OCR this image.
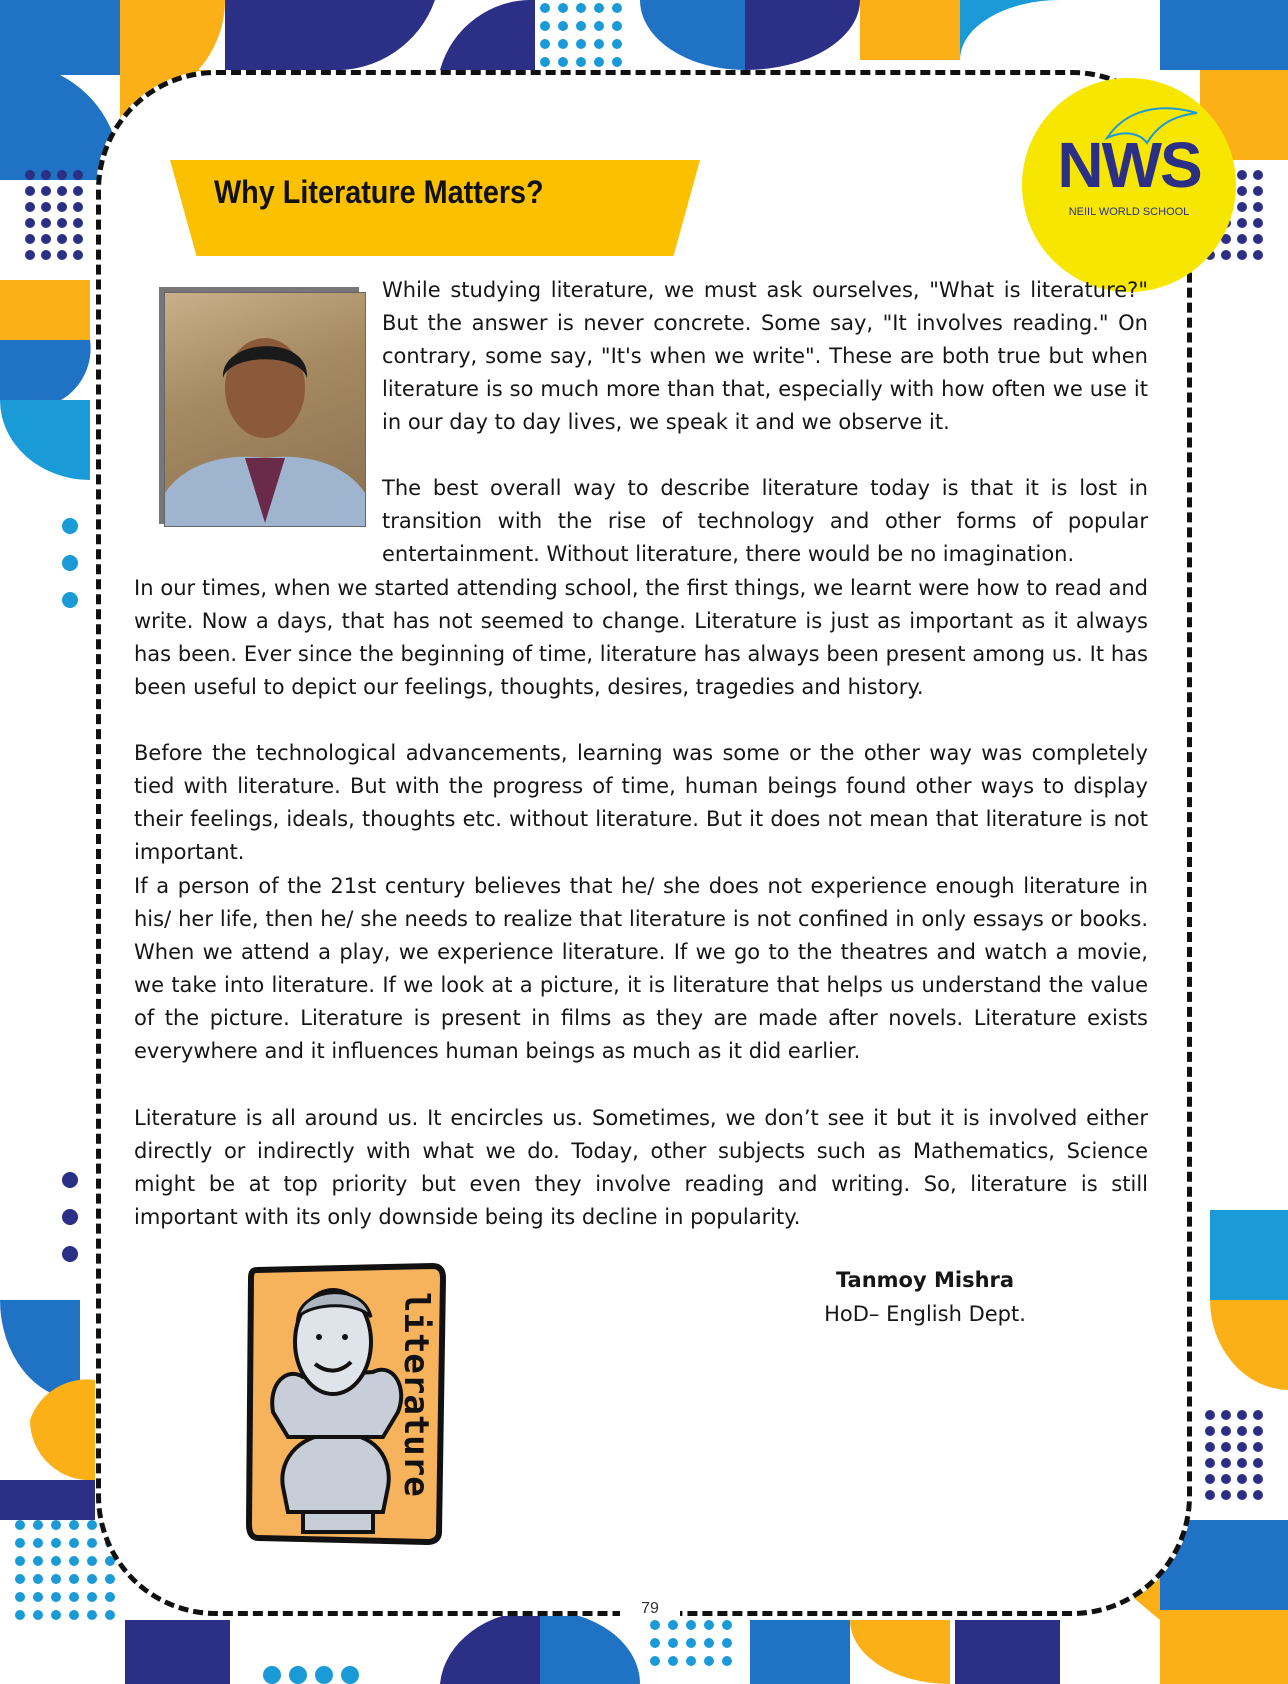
NWS
NEIIL WORLD SCHOOL
Why Literature Matters?

While studying literature, we must ask ourselves, "What is literature?" But the answer is never concrete. Some say, "It involves reading." On contrary, some say, "It's when we write". These are both true but when literature is so much more than that, especially with how often we use it in our day to day lives, we speak it and we observe it.

The best overall way to describe literature today is that it is lost in transition with the rise of technology and other forms of popular entertainment. Without literature, there would be no imagination.

In our times, when we started attending school, the first things, we learnt were how to read and write. Now a days, that has not seemed to change. Literature is just as important as it always has been. Ever since the beginning of time, literature has always been present among us. It has been useful to depict our feelings, thoughts, desires, tragedies and history.

Before the technological advancements, learning was some or the other way was completely tied with literature. But with the progress of time, human beings found other ways to display their feelings, ideals, thoughts etc. without literature. But it does not mean that literature is not important.

If a person of the 21st century believes that he/ she does not experience enough literature in his/ her life, then he/ she needs to realize that literature is not confined in only essays or books. When we attend a play, we experience literature. If we go to the theatres and watch a movie, we take into literature. If we look at a picture, it is literature that helps us understand the value of the picture. Literature is present in films as they are made after novels. Literature exists everywhere and it influences human beings as much as it did earlier.

Literature is all around us. It encircles us. Sometimes, we don’t see it but it is involved either directly or indirectly with what we do. Today, other subjects such as Mathematics, Science might be at top priority but even they involve reading and writing. So, literature is still important with its only downside being its decline in popularity.

Tanmoy Mishra
HoD– English Dept.
literature
79
